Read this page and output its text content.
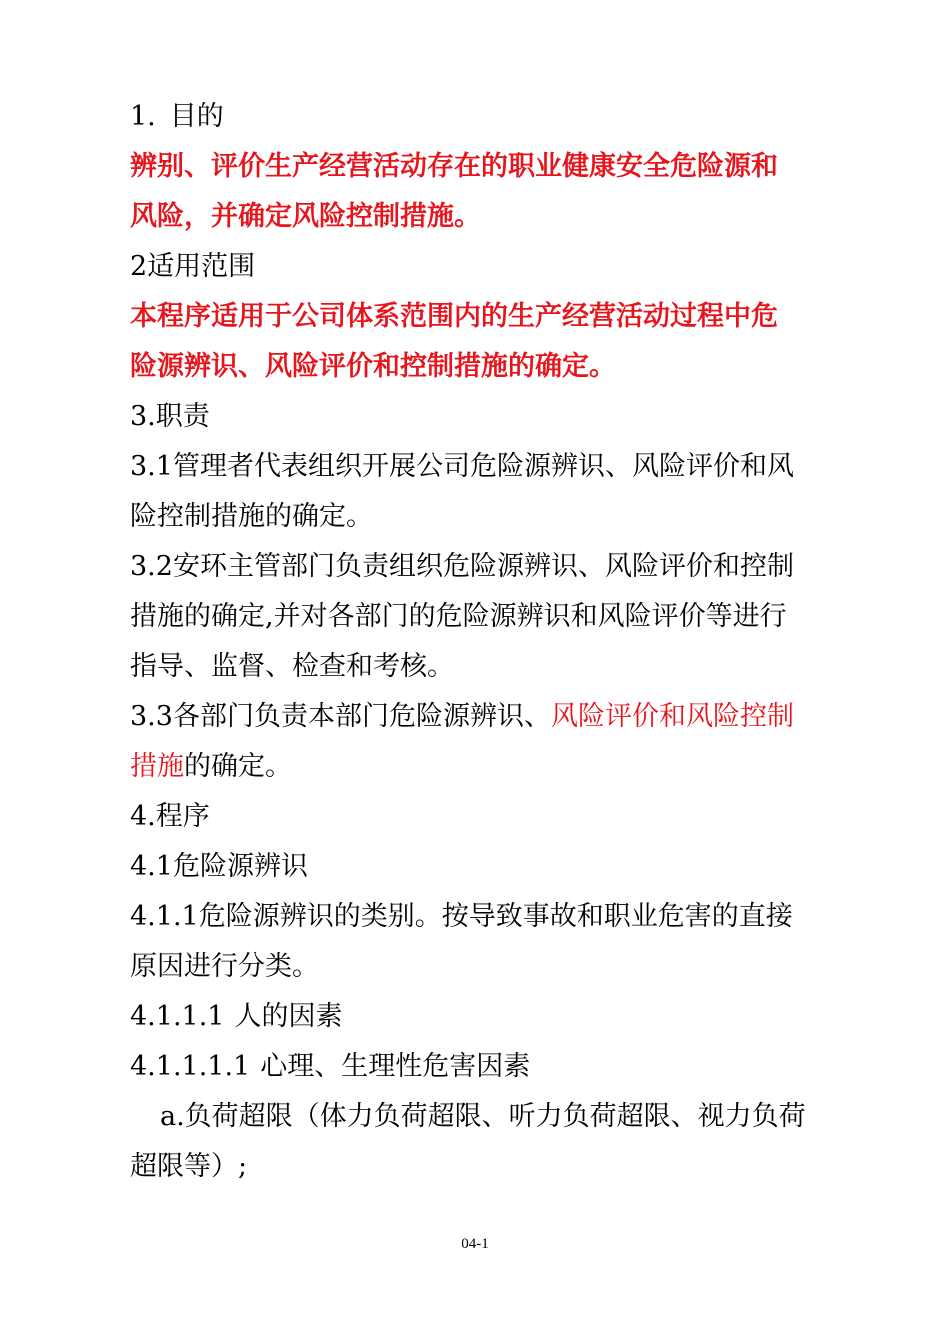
1. 目的
辨别、评价生产经营活动存在的职业健康安全危险源和
风险，并确定风险控制措施。
2适用范围
本程序适用于公司体系范围内的生产经营活动过程中危
险源辨识、风险评价和控制措施的确定。
3.职责
3.1管理者代表组织开展公司危险源辨识、风险评价和风
险控制措施的确定。
3.2安环主管部门负责组织危险源辨识、风险评价和控制
措施的确定,并对各部门的危险源辨识和风险评价等进行
指导、监督、检查和考核。
3.3各部门负责本部门危险源辨识、风险评价和风险控制
措施的确定。
4.程序
4.1危险源辨识
4.1.1危险源辨识的类别。按导致事故和职业危害的直接
原因进行分类。
4.1.1.1 人的因素
4.1.1.1.1 心理、生理性危害因素
a.负荷超限（体力负荷超限、听力负荷超限、视力负荷
超限等）;
04-1
